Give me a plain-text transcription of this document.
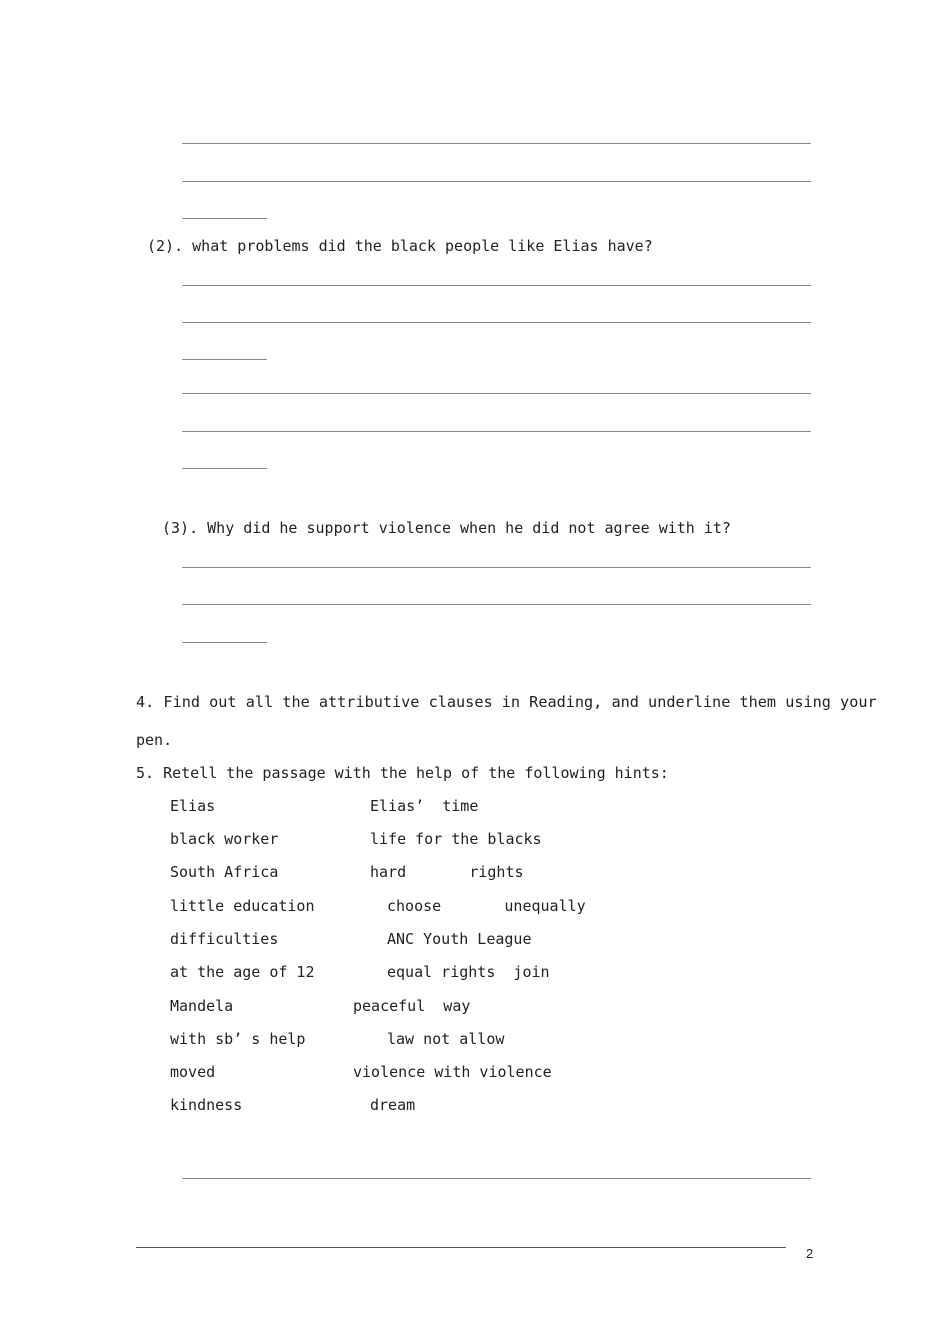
(2). what problems did the black people like Elias have?
(3). Why did he support violence when he did not agree with it?
4. Find out all the attributive clauses in Reading, and underline them using your
pen.
5. Retell the passage with the help of the following hints:
Elias	Elias’  time
black worker	life for the blacks
South Africa	hard       rights
little education	choose       unequally
difficulties	ANC Youth League
at the age of 12	equal rights  join
Mandela	peaceful  way
with sb’ s help	law not allow
moved	violence with violence
kindness	dream
2
